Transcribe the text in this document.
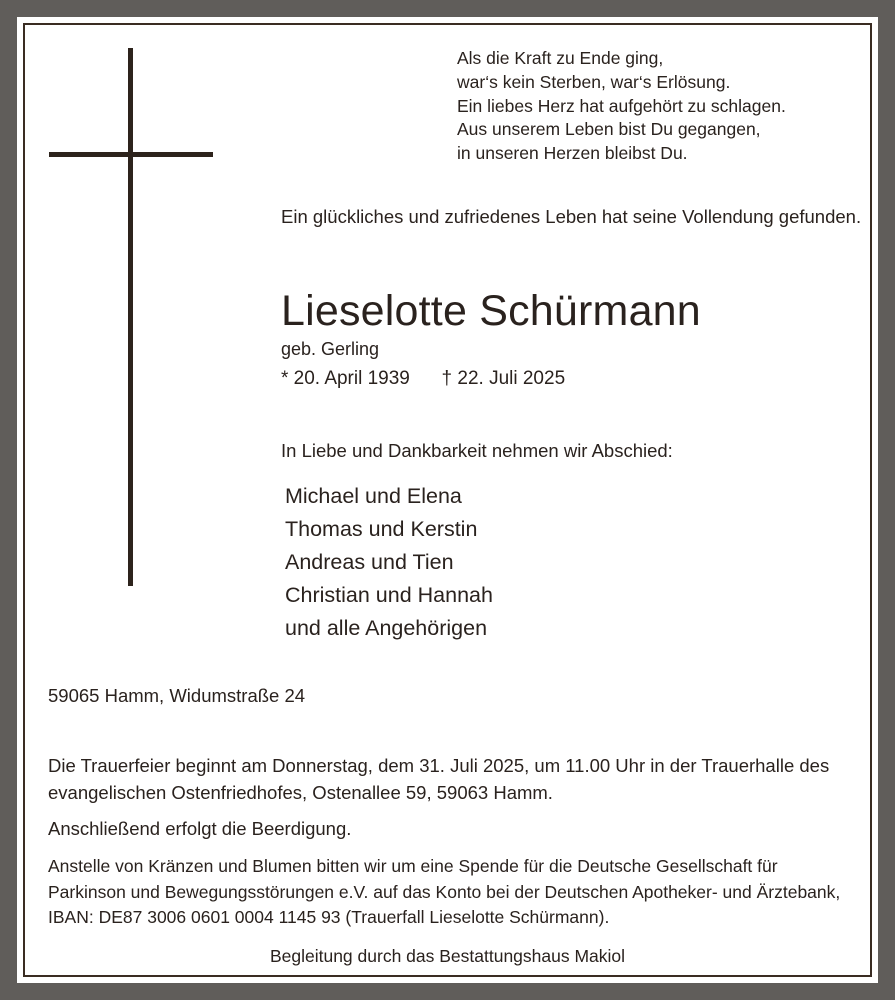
Als die Kraft zu Ende ging,
war‘s kein Sterben, war‘s Erlösung.
Ein liebes Herz hat aufgehört zu schlagen.
Aus unserem Leben bist Du gegangen,
in unseren Herzen bleibst Du.
Ein glückliches und zufriedenes Leben hat seine Vollendung gefunden.
Lieselotte Schürmann
geb. Gerling
* 20. April 1939      † 22. Juli 2025
In Liebe und Dankbarkeit nehmen wir Abschied:
Michael und Elena
Thomas und Kerstin
Andreas und Tien
Christian und Hannah
und alle Angehörigen
59065 Hamm, Widumstraße 24
Die Trauerfeier beginnt am Donnerstag, dem 31. Juli 2025, um 11.00 Uhr in der Trauerhalle des evangelischen Ostenfriedhofes, Ostenallee 59, 59063 Hamm.
Anschließend erfolgt die Beerdigung.
Anstelle von Kränzen und Blumen bitten wir um eine Spende für die Deutsche Gesellschaft für Parkinson und Bewegungsstörungen e.V. auf das Konto bei der Deutschen Apotheker- und Ärztebank, IBAN: DE87 3006 0601 0004 1145 93 (Trauerfall Lieselotte Schürmann).
Begleitung durch das Bestattungshaus Makiol
